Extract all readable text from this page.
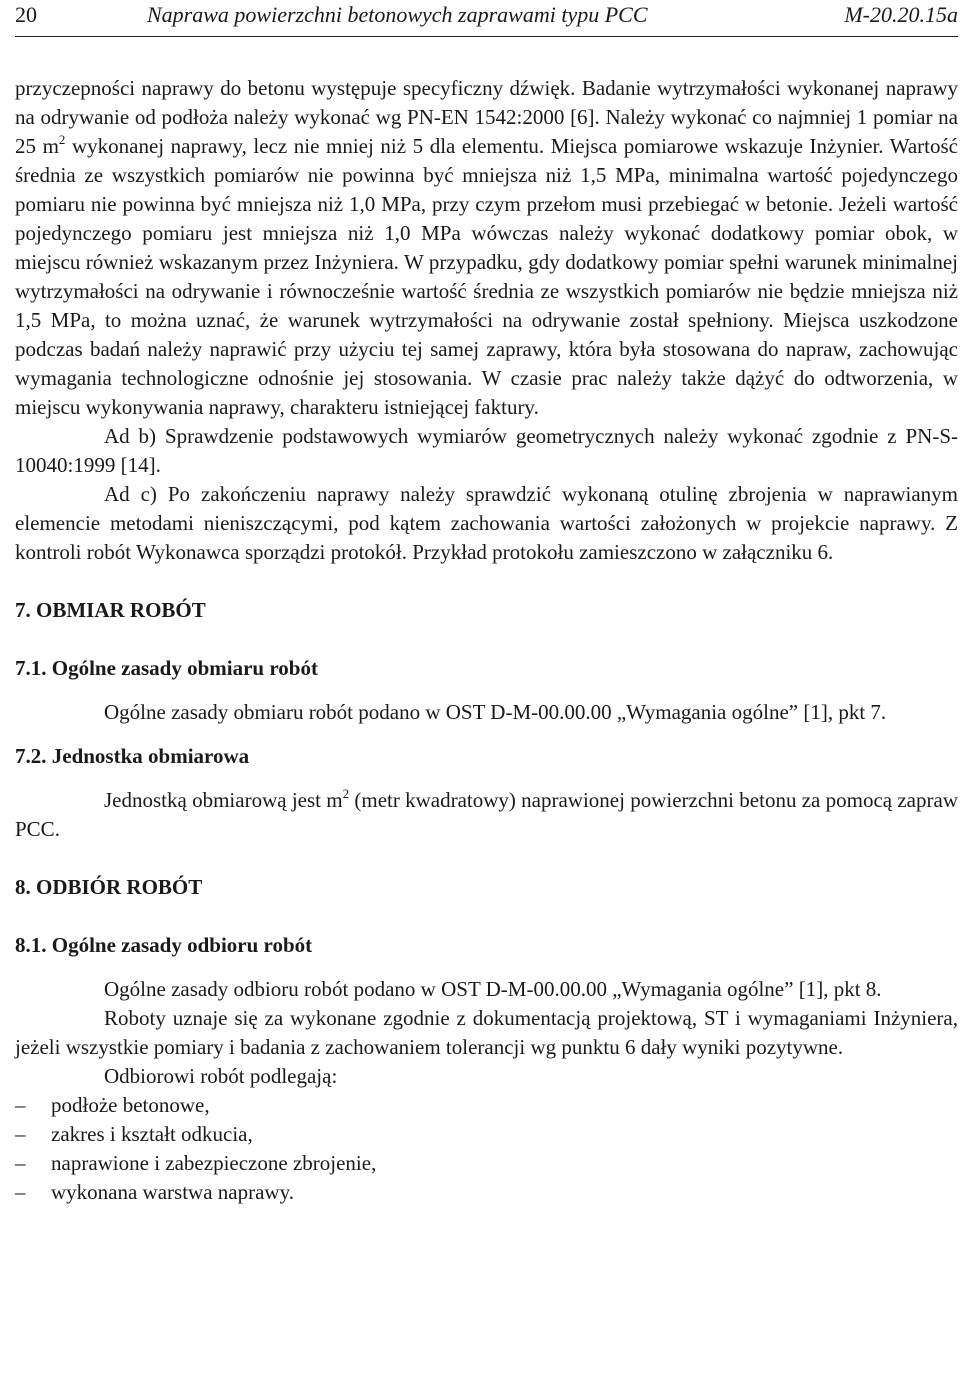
20	Naprawa powierzchni betonowych zaprawami typu PCC	M-20.20.15a

przyczepności naprawy do betonu występuje specyficzny dźwięk. Badanie wytrzymałości wykonanej naprawy na odrywanie od podłoża należy wykonać wg PN-EN 1542:2000 [6]. Należy wykonać co najmniej 1 pomiar na 25 $m^2$ wykonanej naprawy, lecz nie mniej niż 5 dla elementu. Miejsca pomiarowe wskazuje Inżynier. Wartość średnia ze wszystkich pomiarów nie powinna być mniejsza niż 1,5 MPa, minimalna wartość pojedynczego pomiaru nie powinna być mniejsza niż 1,0 MPa, przy czym przełom musi przebiegać w betonie. Jeżeli wartość pojedynczego pomiaru jest mniejsza niż 1,0 MPa wówczas należy wykonać dodatkowy pomiar obok, w miejscu również wskazanym przez Inżyniera. W przypadku, gdy dodatkowy pomiar spełni warunek minimalnej wytrzymałości na odrywanie i równocześnie wartość średnia ze wszystkich pomiarów nie będzie mniejsza niż 1,5 MPa, to można uznać, że warunek wytrzymałości na odrywanie został spełniony. Miejsca uszkodzone podczas badań należy naprawić przy użyciu tej samej zaprawy, która była stosowana do napraw, zachowując wymagania technologiczne odnośnie jej stosowania. W czasie prac należy także dążyć do odtworzenia, w miejscu wykonywania naprawy, charakteru istniejącej faktury.

Ad b) Sprawdzenie podstawowych wymiarów geometrycznych należy wykonać zgodnie z PN-S-10040:1999 [14].

Ad c) Po zakończeniu naprawy należy sprawdzić wykonaną otulinę zbrojenia w naprawianym elemencie metodami nieniszczącymi, pod kątem zachowania wartości założonych w projekcie naprawy. Z kontroli robót Wykonawca sporządzi protokół. Przykład protokołu zamieszczono w załączniku 6.

7. OBMIAR ROBÓT
7.1. Ogólne zasady obmiaru robót

Ogólne zasady obmiaru robót podano w OST D-M-00.00.00 „Wymagania ogólne” [1], pkt 7.

7.2. Jednostka obmiarowa

Jednostką obmiarową jest $m^2$ (metr kwadratowy) naprawionej powierzchni betonu za pomocą zapraw PCC.

8. ODBIÓR ROBÓT
8.1. Ogólne zasady odbioru robót

Ogólne zasady odbioru robót podano w OST D-M-00.00.00 „Wymagania ogólne” [1], pkt 8.

Roboty uznaje się za wykonane zgodnie z dokumentacją projektową, ST i wymaganiami Inżyniera, jeżeli wszystkie pomiary i badania z zachowaniem tolerancji wg punktu 6 dały wyniki pozytywne.

Odbiorowi robót podlegają:

– podłoże betonowe,
– zakres i kształt odkucia,
– naprawione i zabezpieczone zbrojenie,
– wykonana warstwa naprawy.
